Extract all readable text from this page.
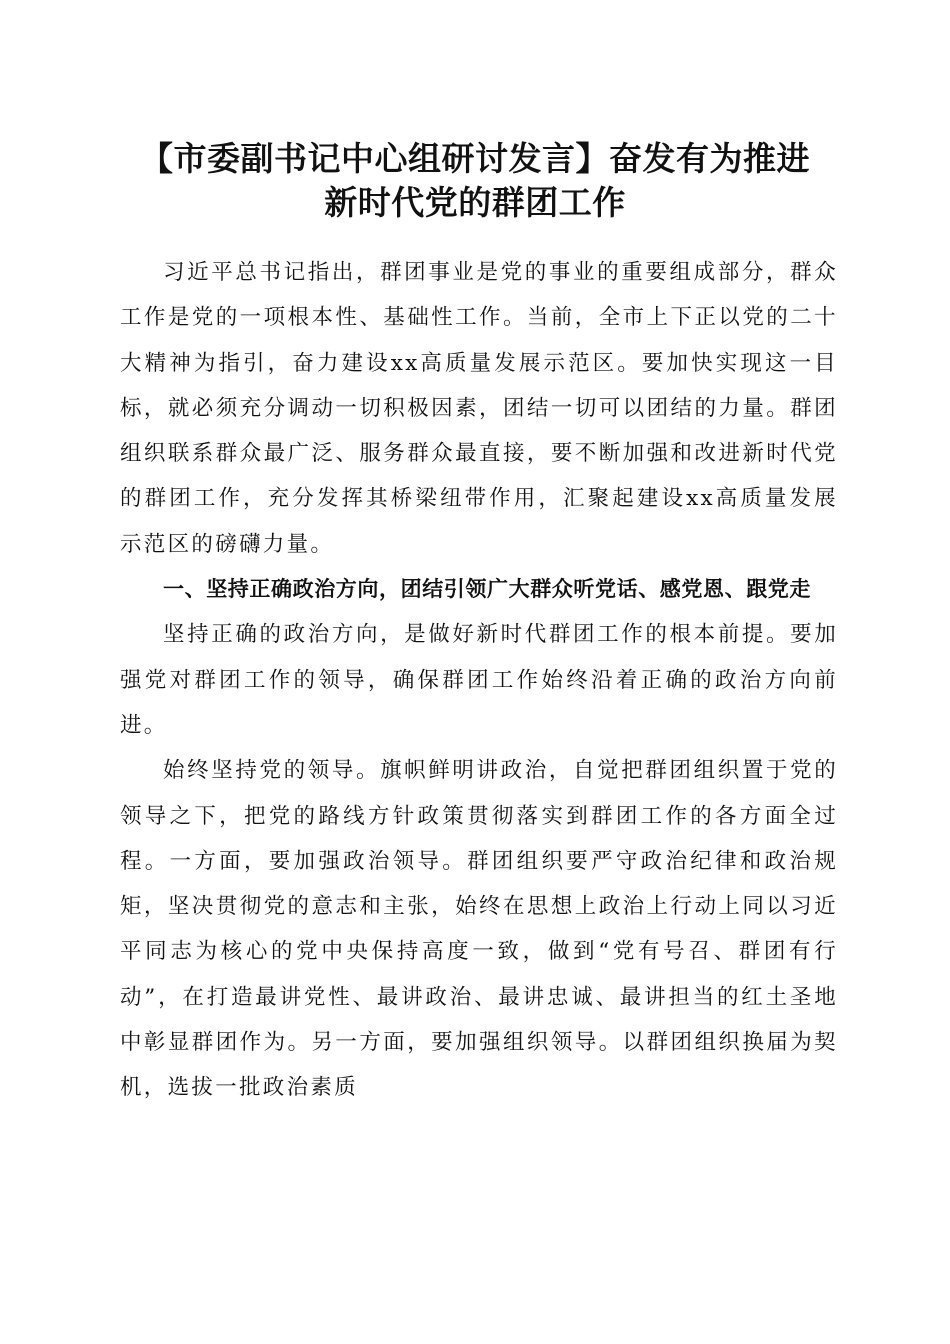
【市委副书记中心组研讨发言】奋发有为推进
新时代党的群团工作

习近平总书记指出，群团事业是党的事业的重要组成部分，群众工作是党的一项根本性、基础性工作。当前，全市上下正以党的二十大精神为指引，奋力建设xx高质量发展示范区。要加快实现这一目标，就必须充分调动一切积极因素，团结一切可以团结的力量。群团组织联系群众最广泛、服务群众最直接，要不断加强和改进新时代党的群团工作，充分发挥其桥梁纽带作用，汇聚起建设xx高质量发展示范区的磅礴力量。

一、坚持正确政治方向，团结引领广大群众听党话、感党恩、跟党走

坚持正确的政治方向，是做好新时代群团工作的根本前提。要加强党对群团工作的领导，确保群团工作始终沿着正确的政治方向前进。

始终坚持党的领导。旗帜鲜明讲政治，自觉把群团组织置于党的领导之下，把党的路线方针政策贯彻落实到群团工作的各方面全过程。一方面，要加强政治领导。群团组织要严守政治纪律和政治规矩，坚决贯彻党的意志和主张，始终在思想上政治上行动上同以习近平同志为核心的党中央保持高度一致，做到“党有号召、群团有行动”，在打造最讲党性、最讲政治、最讲忠诚、最讲担当的红土圣地中彰显群团作为。另一方面，要加强组织领导。以群团组织换届为契机，选拔一批政治素质
